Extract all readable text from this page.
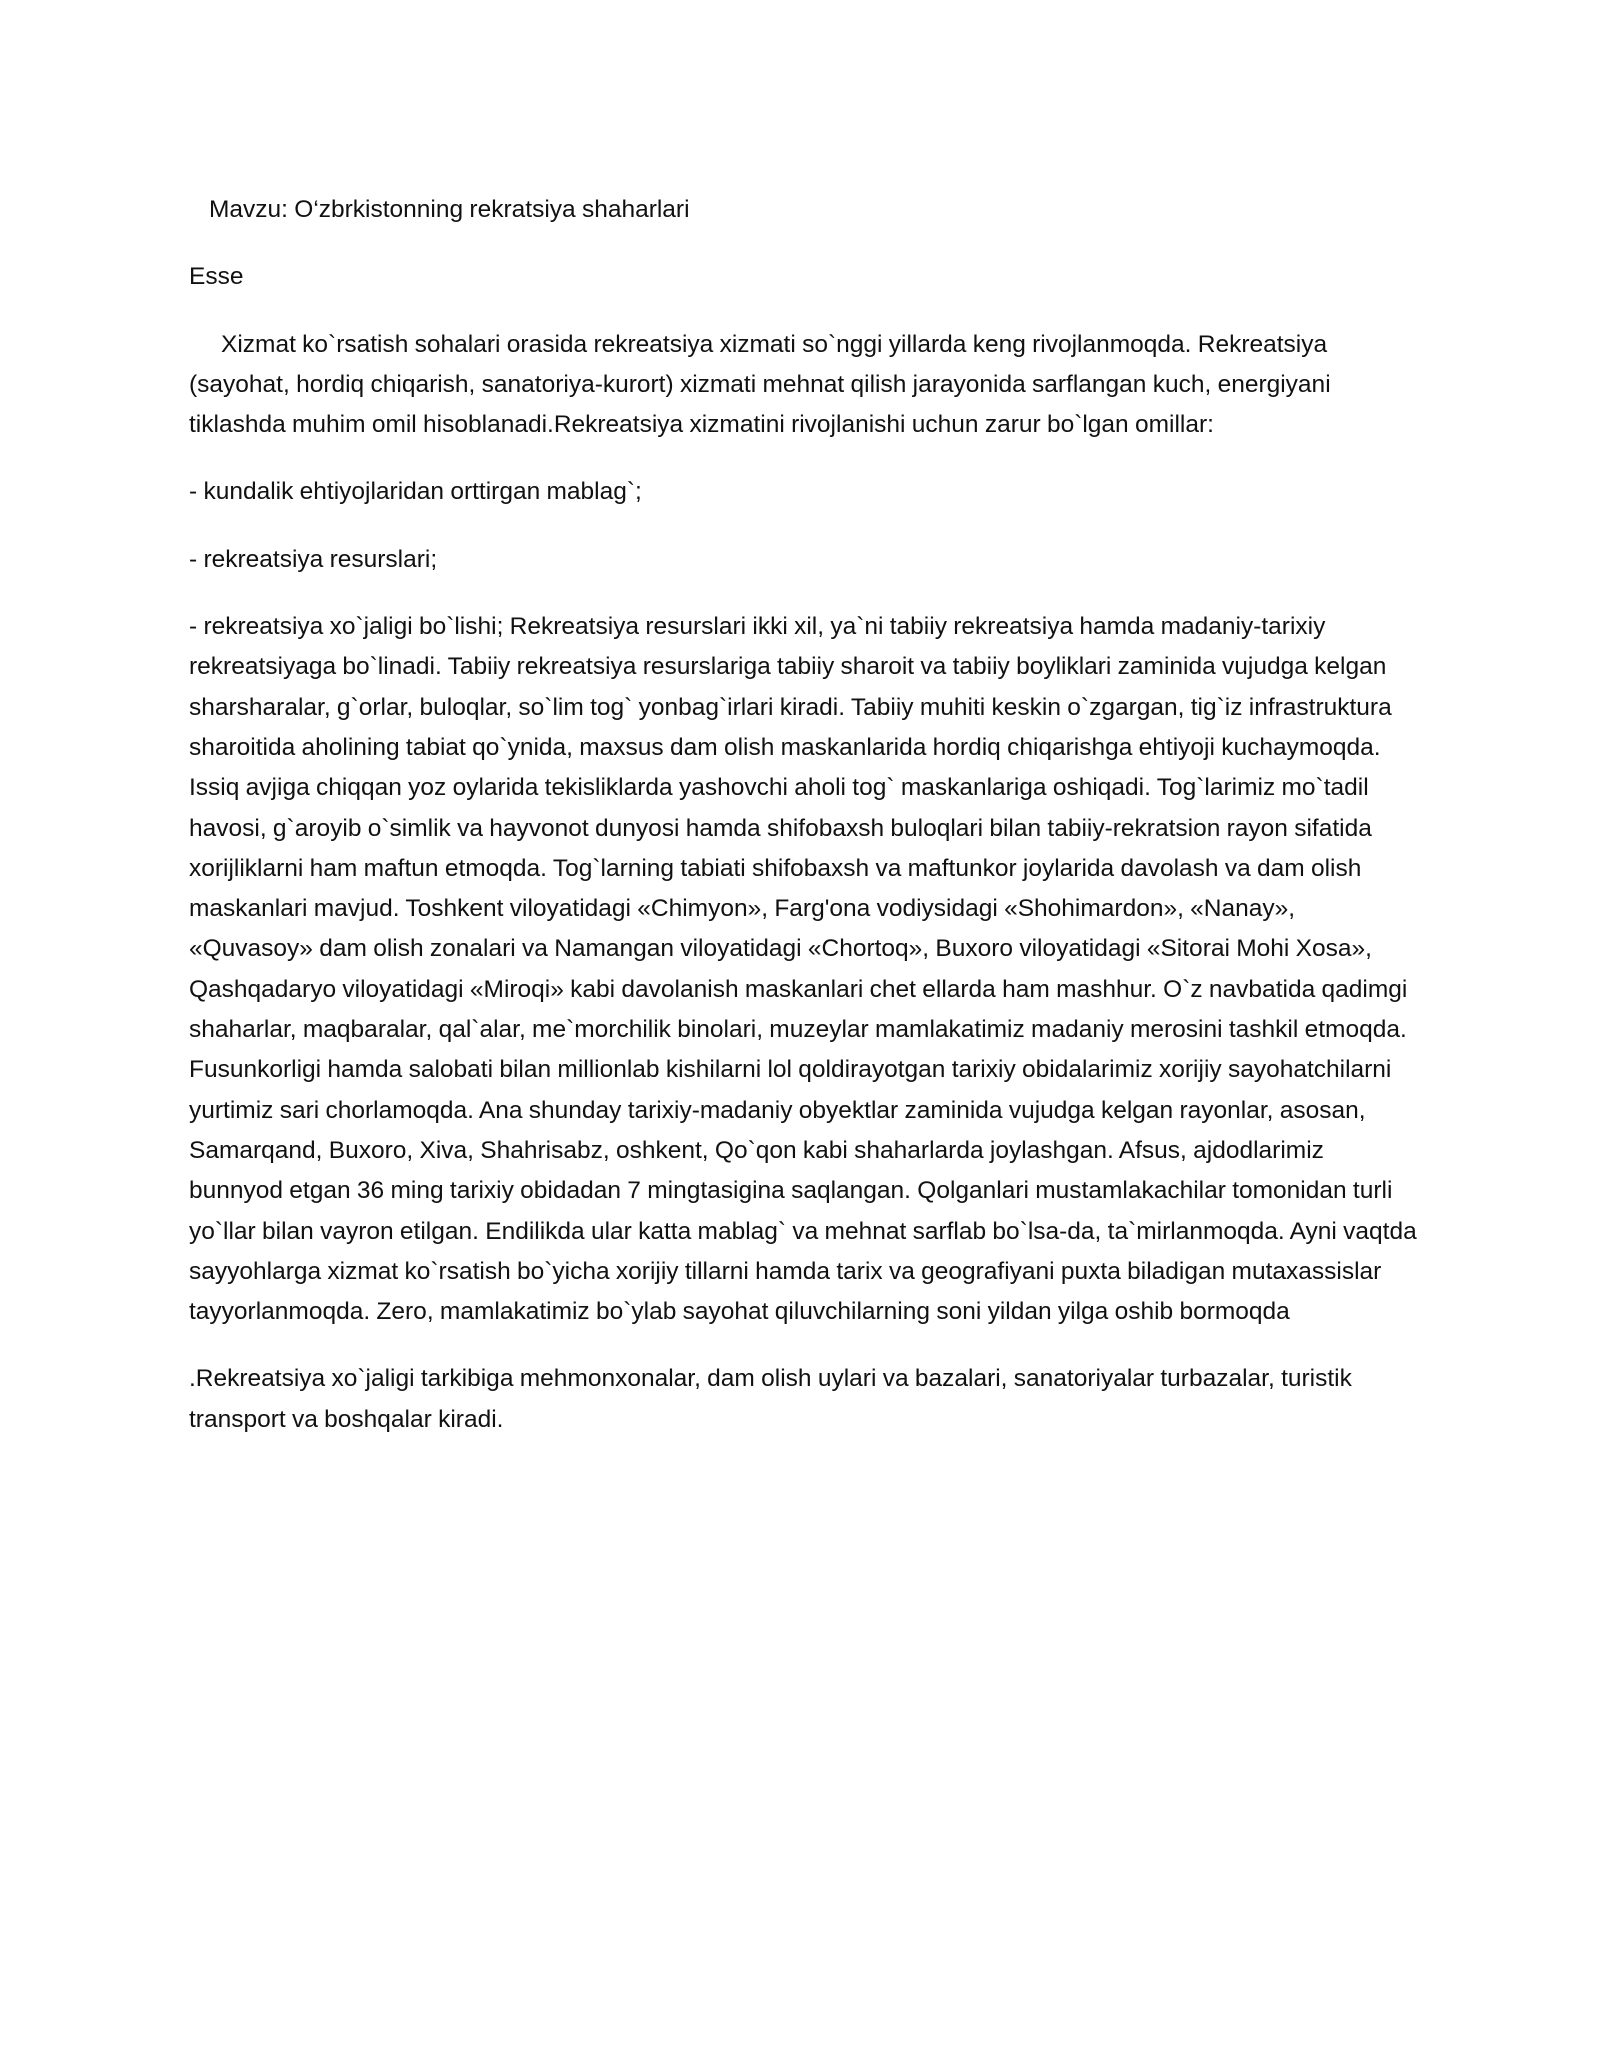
Mavzu: O‘zbrkistonning rekratsiya shaharlari

Esse

Xizmat ko`rsatish sohalari orasida rekreatsiya xizmati so`nggi yillarda keng rivojlanmoqda. Rekreatsiya (sayohat, hordiq chiqarish, sanatoriya-kurort) xizmati mehnat qilish jarayonida sarflangan kuch, energiyani tiklashda muhim omil hisoblanadi.Rekreatsiya xizmatini rivojlanishi uchun zarur bo`lgan omillar:

- kundalik ehtiyojlaridan orttirgan mablag`;

- rekreatsiya resurslari;

- rekreatsiya xo`jaligi bo`lishi; Rekreatsiya resurslari ikki xil, ya`ni tabiiy rekreatsiya hamda madaniy-tarixiy rekreatsiyaga bo`linadi. Tabiiy rekreatsiya resurslariga tabiiy sharoit va tabiiy boyliklari zaminida vujudga kelgan sharsharalar, g`orlar, buloqlar, so`lim tog` yonbag`irlari kiradi. Tabiiy muhiti keskin o`zgargan, tig`iz infrastruktura sharoitida aholining tabiat qo`ynida, maxsus dam olish maskanlarida hordiq chiqarishga ehtiyoji kuchaymoqda. Issiq avjiga chiqqan yoz oylarida tekisliklarda yashovchi aholi tog` maskanlariga oshiqadi. Tog`larimiz mo`tadil havosi, g`aroyib o`simlik va hayvonot dunyosi hamda shifobaxsh buloqlari bilan tabiiy-rekratsion rayon sifatida xorijliklarni ham maftun etmoqda. Tog`larning tabiati shifobaxsh va maftunkor joylarida davolash va dam olish maskanlari mavjud. Toshkent viloyatidagi «Chimyon», Farg'ona vodiysidagi «Shohimardon», «Nanay», «Quvasoy» dam olish zonalari va Namangan viloyatidagi «Chortoq», Buxoro viloyatidagi «Sitorai Mohi Xosa», Qashqadaryo viloyatidagi «Miroqi» kabi davolanish maskanlari chet ellarda ham mashhur. O`z navbatida qadimgi shaharlar, maqbaralar, qal`alar, me`morchilik binolari, muzeylar mamlakatimiz madaniy merosini tashkil etmoqda. Fusunkorligi hamda salobati bilan millionlab kishilarni lol qoldirayotgan tarixiy obidalarimiz xorijiy sayohatchilarni yurtimiz sari chorlamoqda. Ana shunday tarixiy-madaniy obyektlar zaminida vujudga kelgan rayonlar, asosan, Samarqand, Buxoro, Xiva, Shahrisabz, oshkent, Qo`qon kabi shaharlarda joylashgan. Afsus, ajdodlarimiz bunnyod etgan 36 ming tarixiy obidadan 7 mingtasigina saqlangan. Qolganlari mustamlakachilar tomonidan turli yo`llar bilan vayron etilgan. Endilikda ular katta mablag` va mehnat sarflab bo`lsa-da, ta`mirlanmoqda. Ayni vaqtda sayyohlarga xizmat ko`rsatish bo`yicha xorijiy tillarni hamda tarix va geografiyani puxta biladigan mutaxassislar tayyorlanmoqda. Zero, mamlakatimiz bo`ylab sayohat qiluvchilarning soni yildan yilga oshib bormoqda

.Rekreatsiya xo`jaligi tarkibiga mehmonxonalar, dam olish uylari va bazalari, sanatoriyalar turbazalar, turistik transport va boshqalar kiradi.
